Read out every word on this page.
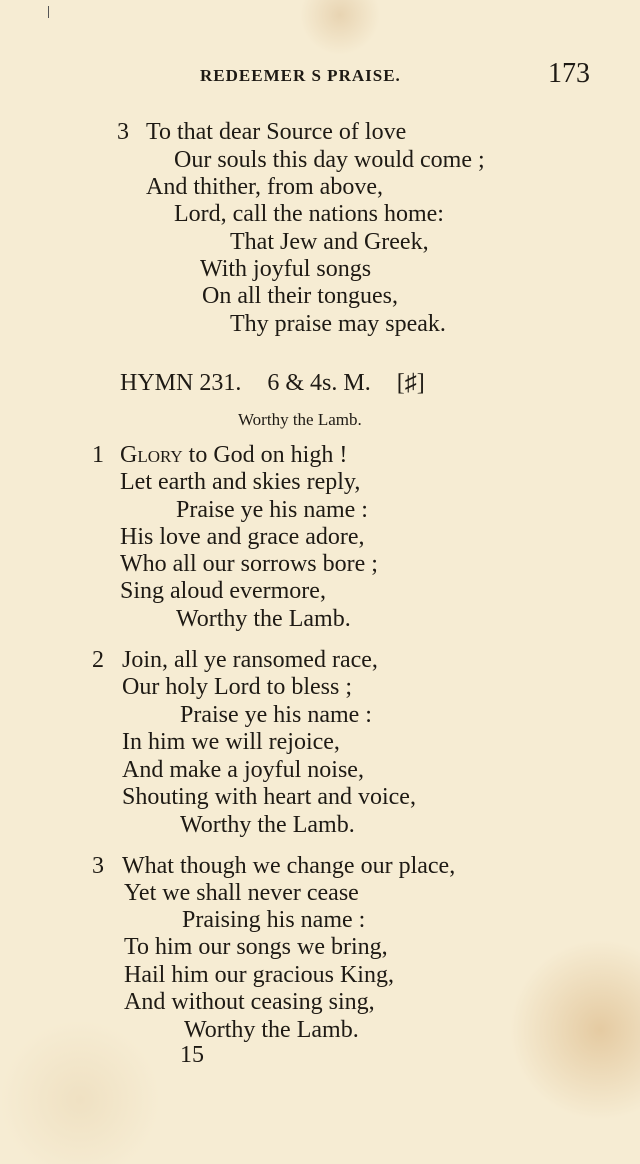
REDEEMER S PRAISE.	173
3 To that dear Source of love
Our souls this day would come ;
And thither, from above,
Lord, call the nations home:
That Jew and Greek,
With joyful songs
On all their tongues,
Thy praise may speak.
HYMN 231. 6 & 4s. M. [♯]
Worthy the Lamb.
1 Glory to God on high !
Let earth and skies reply,
Praise ye his name :
His love and grace adore,
Who all our sorrows bore ;
Sing aloud evermore,
Worthy the Lamb.
2 Join, all ye ransomed race,
Our holy Lord to bless ;
Praise ye his name :
In him we will rejoice,
And make a joyful noise,
Shouting with heart and voice,
Worthy the Lamb.
3 What though we change our place,
Yet we shall never cease
Praising his name :
To him our songs we bring,
Hail him our gracious King,
And without ceasing sing,
Worthy the Lamb.
15
